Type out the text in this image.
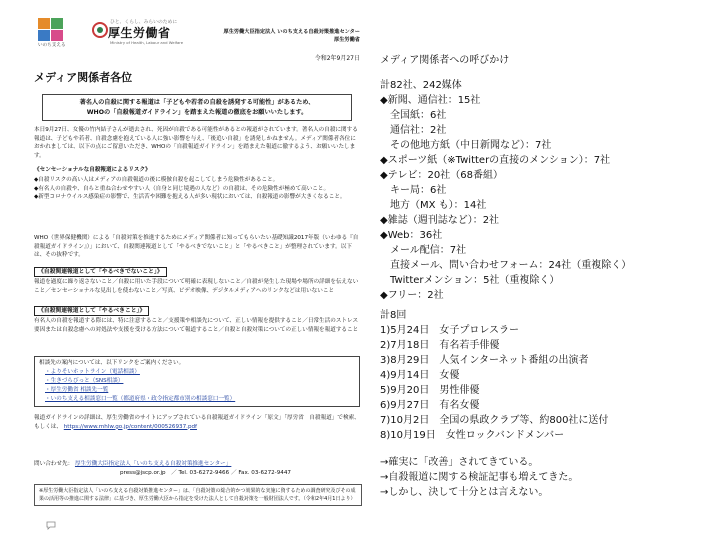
いのち支える
ひと、くらし、みらいのために
厚生労働省
Ministry of Health, Labour and Welfare
厚生労働大臣指定法人 いのち支える自殺対策推進センター
厚生労働省
令和2年9月27日
メディア関係者各位
著名人の自殺に関する報道は「子どもや若者の自殺を誘発する可能性」があるため、
WHOの「自殺報道ガイドライン」を踏まえた報道の徹底をお願いいたします。
本日9月27日、女優の竹内結子さんが逝去され、死因が自殺である可能性があるとの報道がされています。著名人の自殺に関する報道は、子どもや若者、自殺念慮を抱えている人に強い影響を与え、「後追い自殺」を誘発しかねません。メディア関係者各位におかれましては、以下の点にご留意いただき、WHOの「自殺報道ガイドライン」を踏まえた報道に徹するよう、お願いいたします。
《センセーショナルな自殺報道によるリスク》
◆自殺リスクの高い人はメディアの自殺報道の後に模倣自殺を起こしてしまう危険性があること。
◆有名人の自殺や、自らと重ね合わせやすい人（自身と同じ境遇の人など）の自殺は、その危険性が極めて高いこと。
◆新型コロナウイルス感染症の影響で、生活苦や困難を抱える人が多い現状においては、自殺報道の影響が大きくなること。
WHO（世界保健機関）による「自殺対策を推進するためにメディア関係者に知ってもらいたい基礎知識2017年版（いわゆる『自殺報道ガイドライン』）」において、自殺関連報道として「やるべきでないこと」と「やるべきこと」が整理されています。以下は、その抜粋です。
《自殺関連報道として「やるべきでないこと」》
報道を過度に繰り返さないこと／自殺に用いた手段について明確に表現しないこと／自殺が発生した現場や場所の詳細を伝えないこと／センセーショナルな見出しを使わないこと／写真、ビデオ映像、デジタルメディアへのリンクなどは用いないこと
《自殺関連報道として「やるべきこと」》
有名人の自殺を報道する際には、特に注意すること／支援策や相談先について、正しい情報を提供すること／日常生活のストレス要因または自殺念慮への対処法や支援を受ける方法について報道すること／自殺と自殺対策についての正しい情報を報道すること
相談先の案内については、以下リンクをご案内ください。
・よりそいホットライン（電話相談）
・生きづらびっと（SNS相談）
・厚生労働省 相談先一覧
・いのち支える相談窓口一覧（都道府県・政令指定都市別の相談窓口一覧）
報道ガイドラインの詳細は、厚生労働省のサイトにアップされている自殺報道ガイドライン「原文」「厚労省　自殺報道」で検索、もしくは、 https://www.mhlw.go.jp/content/000526937.pdf
問い合わせ先： 厚生労働大臣指定法人「いのち支える自殺対策推進センター」
press@jscp.or.jp　／ Tel. 03-6272-9466 ／ Fax. 03-6272-9447
※厚生労働大臣指定法人「いのち支える自殺対策推進センター」は、「自殺対策の総合的かつ効果的な実施に資するための調査研究及びその成果の活用等の推進に関する法律」に基づき、厚生労働大臣から指定を受けた法人として自殺対策を一般財団法人です。（令和2年4月1日より）
メディア関係者への呼びかけ
計82社、242媒体
◆新聞、通信社：15社
　全国紙：6社
　通信社：2社
　その他地方紙（中日新聞など）：7社
◆スポーツ紙（※Twitterの直接のメンション）：7社
◆テレビ：20社（68番組）
　キー局：6社
　地方（MX も）：14社
◆雑誌（週刊誌など）：2社
◆Web：36社
　メール配信：7社
　直接メール、問い合わせフォーム：24社（重複除く）
　Twitterメンション：5社（重複除く）
◆フリー：2社
計8回
1)5月24日　女子プロレスラー
2)7月18日　有名若手俳優
3)8月29日　人気インターネット番組の出演者
4)9月14日　女優
5)9月20日　男性俳優
6)9月27日　有名女優
7)10月2日　全国の県政クラブ等、約800社に送付
8)10月19日　女性ロックバンドメンバー
→確実に「改善」されてきている。
→自殺報道に関する検証記事も増えてきた。
→しかし、決して十分とは言えない。
